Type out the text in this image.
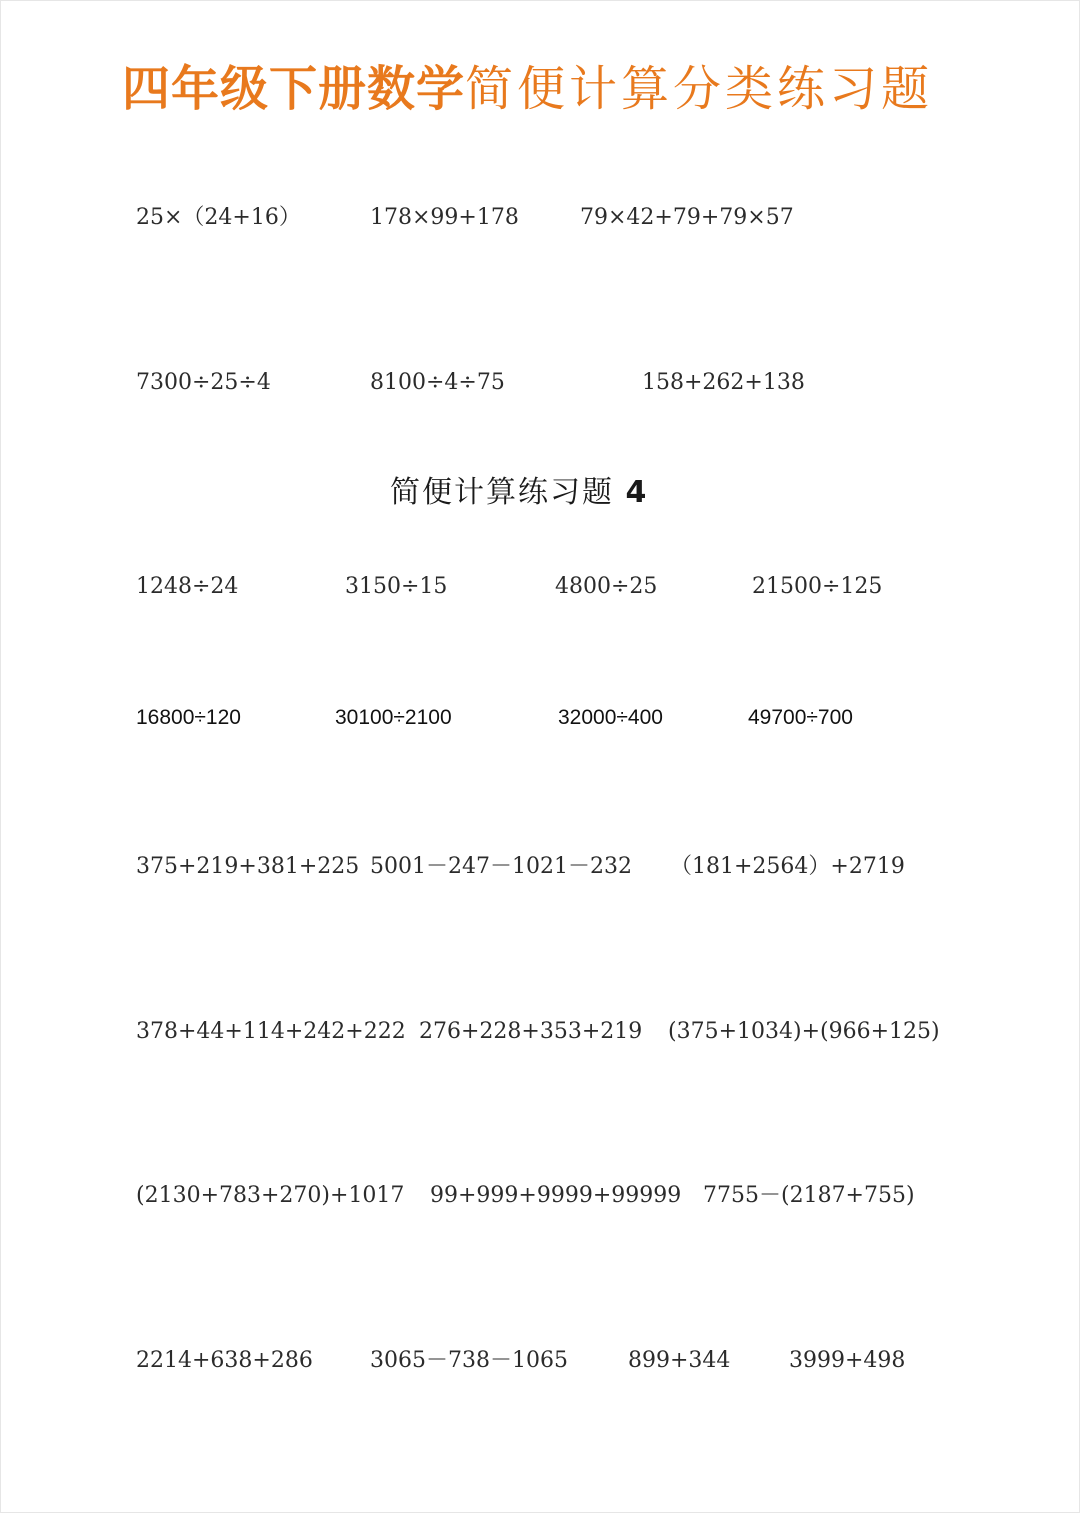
四年级下册数学简便计算分类练习题
25×（24+16）	178×99+178	79×42+79+79×57
7300÷25÷4	8100÷4÷75	158+262+138
简便计算练习题 4
1248÷24	3150÷15	4800÷25	21500÷125
16800÷120	30100÷2100	32000÷400	49700÷700
375+219+381+225 5001－247－1021－232 （181+2564）+2719
378+44+114+242+222 276+228+353+219 (375+1034)+(966+125)
(2130+783+270)+1017 99+999+9999+99999 7755－(2187+755)
2214+638+286	3065－738－1065	899+344	3999+498
